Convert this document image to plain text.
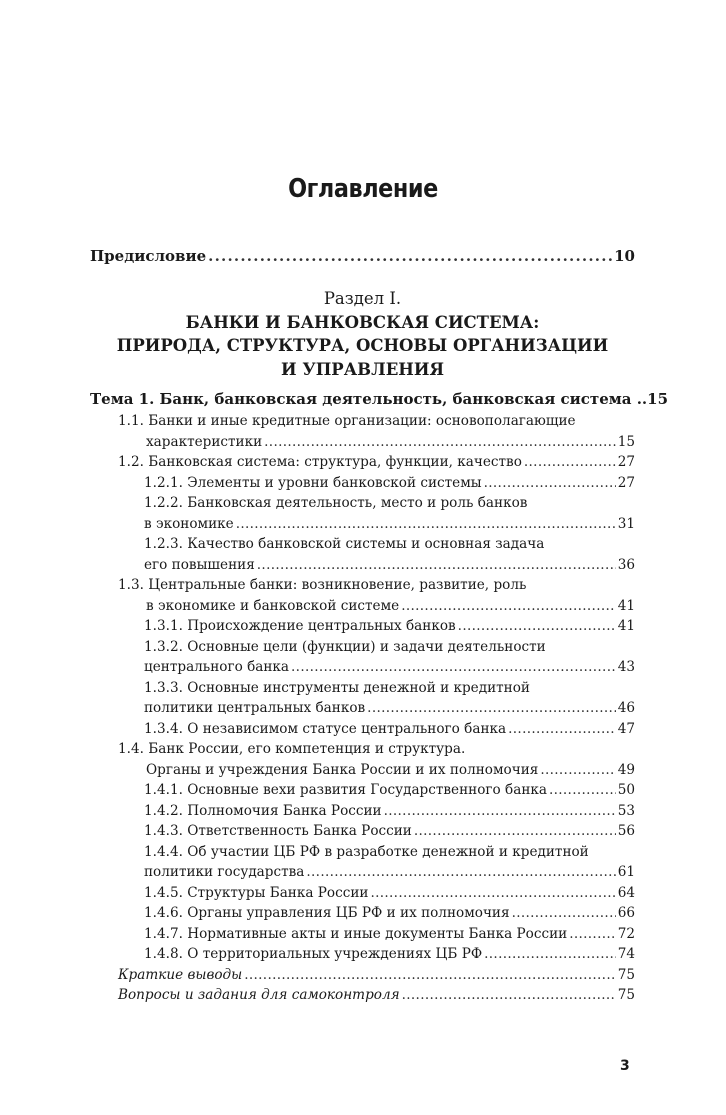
Оглавление
Предисловие . . .	10
Раздел I.
БАНКИ И БАНКОВСКАЯ СИСТЕМА:
ПРИРОДА, СТРУКТУРА, ОСНОВЫ ОРГАНИЗАЦИИ
И УПРАВЛЕНИЯ
Тема 1. Банк, банковская деятельность, банковская система .. 15
1.1. Банки и иные кредитные организации: основополагающие
характеристики . . .	15
1.2. Банковская система: структура, функции, качество . . .	27
1.2.1. Элементы и уровни банковской системы . . .	27
1.2.2. Банковская деятельность, место и роль банков
в экономике . . .	31
1.2.3. Качество банковской системы и основная задача
его повышения . . .	36
1.3. Центральные банки: возникновение, развитие, роль
в экономике и банковской системе . . .	41
1.3.1. Происхождение центральных банков . . .	41
1.3.2. Основные цели (функции) и задачи деятельности
центрального банка . . .	43
1.3.3. Основные инструменты денежной и кредитной
политики центральных банков . . .	46
1.3.4. О независимом статусе центрального банка . . .	47
1.4. Банк России, его компетенция и структура.
Органы и учреждения Банка России и их полномочия . . .	49
1.4.1. Основные вехи развития Государственного банка . . .	50
1.4.2. Полномочия Банка России . . .	53
1.4.3. Ответственность Банка России . . .	56
1.4.4. Об участии ЦБ РФ в разработке денежной и кредитной
политики государства . . .	61
1.4.5. Структуры Банка России . . .	64
1.4.6. Органы управления ЦБ РФ и их полномочия . . .	66
1.4.7. Нормативные акты и иные документы Банка России . . .	72
1.4.8. О территориальных учреждениях ЦБ РФ . . .	74
Краткие выводы . . .	75
Вопросы и задания для самоконтроля . . .	75
3
